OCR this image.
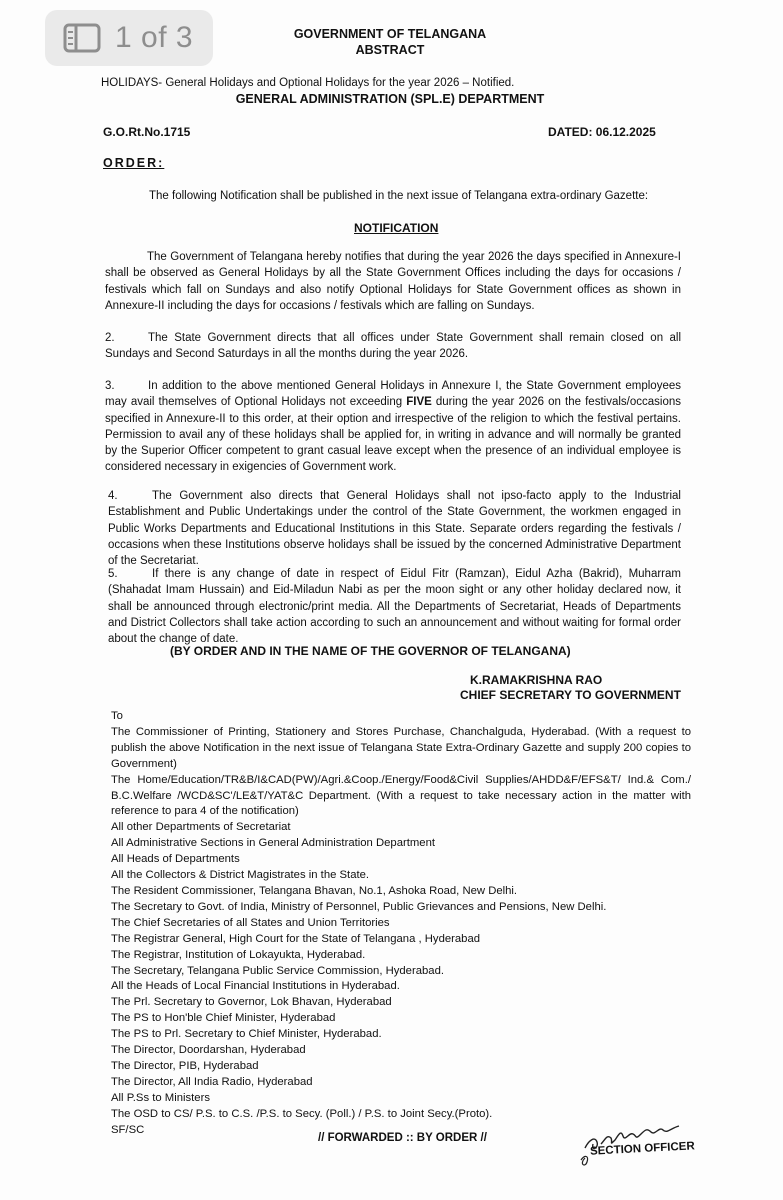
1 of 3	GOVERNMENT OF TELANGANA
ABSTRACT
HOLIDAYS- General Holidays and Optional Holidays for the year 2026 – Notified.
GENERAL ADMINISTRATION (SPL.E) DEPARTMENT
G.O.Rt.No.1715	DATED: 06.12.2025
ORDER:
The following Notification shall be published in the next issue of Telangana extra-ordinary Gazette:
NOTIFICATION
The Government of Telangana hereby notifies that during the year 2026 the days specified in Annexure-I shall be observed as General Holidays by all the State Government Offices including the days for occasions / festivals which fall on Sundays and also notify Optional Holidays for State Government offices as shown in Annexure-II including the days for occasions / festivals which are falling on Sundays.
2.	The State Government directs that all offices under State Government shall remain closed on all Sundays and Second Saturdays in all the months during the year 2026.
3.	In addition to the above mentioned General Holidays in Annexure I, the State Government employees may avail themselves of Optional Holidays not exceeding FIVE during the year 2026 on the festivals/occasions specified in Annexure-II to this order, at their option and irrespective of the religion to which the festival pertains. Permission to avail any of these holidays shall be applied for, in writing in advance and will normally be granted by the Superior Officer competent to grant casual leave except when the presence of an individual employee is considered necessary in exigencies of Government work.
4.	The Government also directs that General Holidays shall not ipso-facto apply to the Industrial Establishment and Public Undertakings under the control of the State Government, the workmen engaged in Public Works Departments and Educational Institutions in this State. Separate orders regarding the festivals / occasions when these Institutions observe holidays shall be issued by the concerned Administrative Department of the Secretariat.
5.	If there is any change of date in respect of Eidul Fitr (Ramzan), Eidul Azha (Bakrid), Muharram (Shahadat Imam Hussain) and Eid-Miladun Nabi as per the moon sight or any other holiday declared now, it shall be announced through electronic/print media. All the Departments of Secretariat, Heads of Departments and District Collectors shall take action according to such an announcement and without waiting for formal order about the change of date.
(BY ORDER AND IN THE NAME OF THE GOVERNOR OF TELANGANA)
K.RAMAKRISHNA RAO
CHIEF SECRETARY TO GOVERNMENT
To
The Commissioner of Printing, Stationery and Stores Purchase, Chanchalguda, Hyderabad. (With a request to publish the above Notification in the next issue of Telangana State Extra-Ordinary Gazette and supply 200 copies to Government)
The Home/Education/TR&B/I&CAD(PW)/Agri.&Coop./Energy/Food&Civil Supplies/AHDD&F/EFS&T/ Ind.& Com./ B.C.Welfare /WCD&SC'/LE&T/YAT&C Department. (With a request to take necessary action in the matter with reference to para 4 of the notification)
All other Departments of Secretariat
All Administrative Sections in General Administration Department
All Heads of Departments
All the Collectors & District Magistrates in the State.
The Resident Commissioner, Telangana Bhavan, No.1, Ashoka Road, New Delhi.
The Secretary to Govt. of India, Ministry of Personnel, Public Grievances and Pensions, New Delhi.
The Chief Secretaries of all States and Union Territories
The Registrar General, High Court for the State of Telangana , Hyderabad
The Registrar, Institution of Lokayukta, Hyderabad.
The Secretary, Telangana Public Service Commission, Hyderabad.
All the Heads of Local Financial Institutions in Hyderabad.
The Prl. Secretary to Governor, Lok Bhavan, Hyderabad
The PS to Hon'ble Chief Minister, Hyderabad
The PS to Prl. Secretary to Chief Minister, Hyderabad.
The Director, Doordarshan, Hyderabad
The Director, PIB, Hyderabad
The Director, All India Radio, Hyderabad
All P.Ss to Ministers
The OSD to CS/ P.S. to C.S. /P.S. to Secy. (Poll.) / P.S. to Joint Secy.(Proto).
SF/SC
// FORWARDED :: BY ORDER //
SECTION OFFICER
